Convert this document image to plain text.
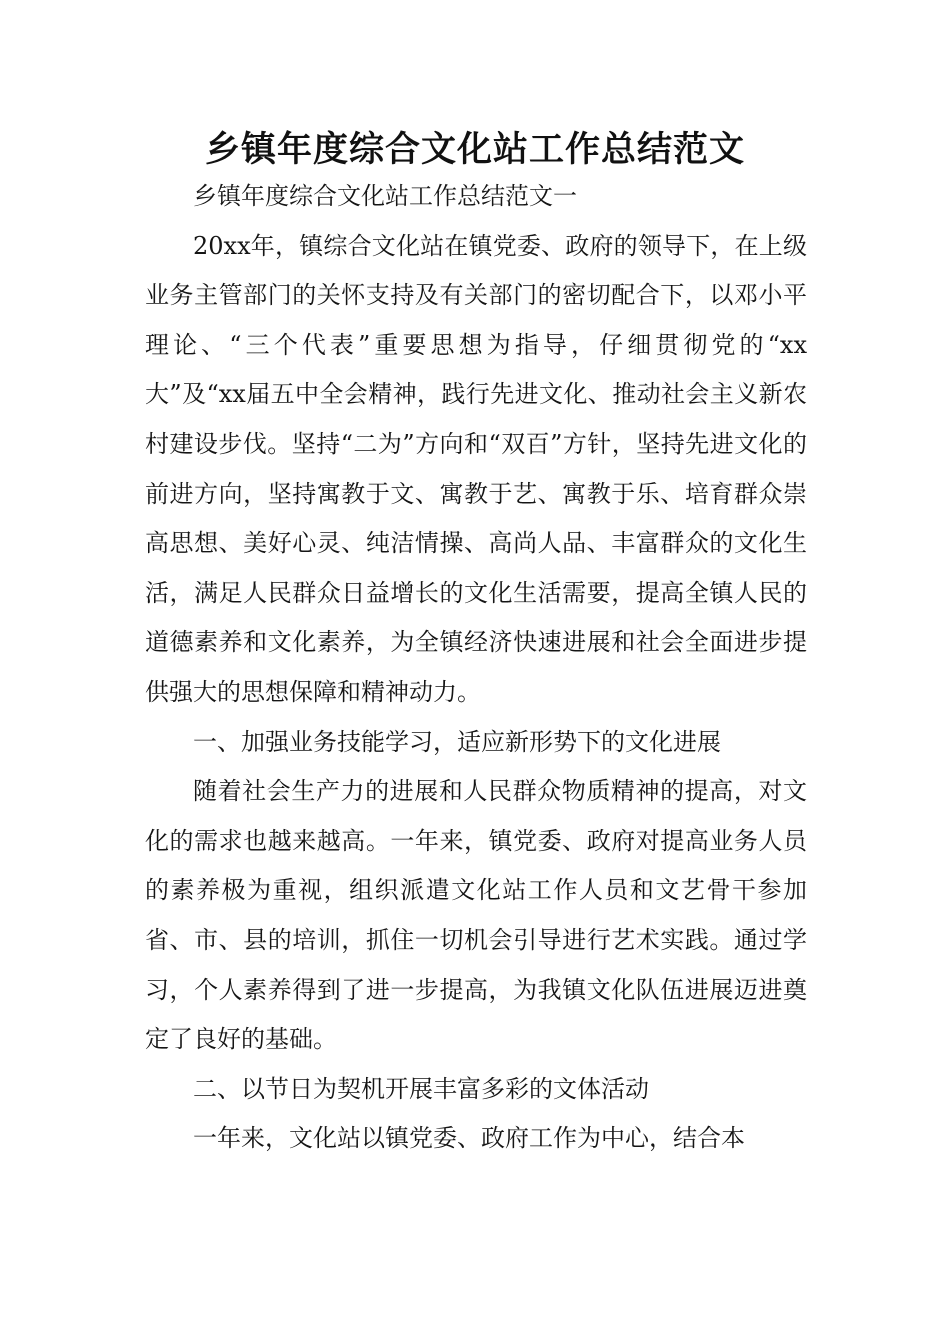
乡镇年度综合文化站工作总结范文

乡镇年度综合文化站工作总结范文一

20xx年，镇综合文化站在镇党委、政府的领导下，在上级业务主管部门的关怀支持及有关部门的密切配合下，以邓小平理论、“三个代表”重要思想为指导，仔细贯彻党的“xx大”及“xx届五中全会精神，践行先进文化、推动社会主义新农村建设步伐。坚持“二为”方向和“双百”方针，坚持先进文化的前进方向，坚持寓教于文、寓教于艺、寓教于乐、培育群众崇高思想、美好心灵、纯洁情操、高尚人品、丰富群众的文化生活，满足人民群众日益增长的文化生活需要，提高全镇人民的道德素养和文化素养，为全镇经济快速进展和社会全面进步提供强大的思想保障和精神动力。

一、加强业务技能学习，适应新形势下的文化进展

随着社会生产力的进展和人民群众物质精神的提高，对文化的需求也越来越高。一年来，镇党委、政府对提高业务人员的素养极为重视，组织派遣文化站工作人员和文艺骨干参加省、市、县的培训，抓住一切机会引导进行艺术实践。通过学习，个人素养得到了进一步提高，为我镇文化队伍进展迈进奠定了良好的基础。

二、以节日为契机开展丰富多彩的文体活动

一年来，文化站以镇党委、政府工作为中心，结合本
